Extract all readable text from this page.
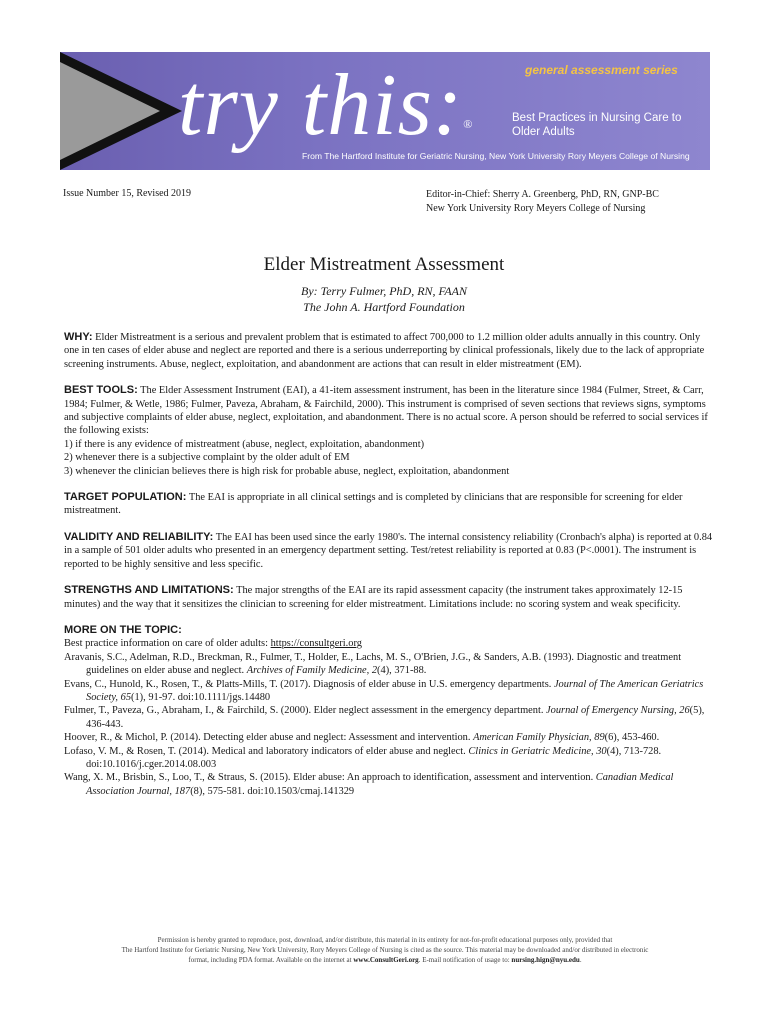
try this:®
general assessment series
Best Practices in Nursing Care to Older Adults
From The Hartford Institute for Geriatric Nursing, New York University Rory Meyers College of Nursing
Issue Number 15, Revised 2019	Editor-in-Chief: Sherry A. Greenberg, PhD, RN, GNP-BC
New York University Rory Meyers College of Nursing
Elder Mistreatment Assessment
By: Terry Fulmer, PhD, RN, FAAN
The John A. Hartford Foundation

WHY: Elder Mistreatment is a serious and prevalent problem that is estimated to affect 700,000 to 1.2 million older adults annually in this country. Only one in ten cases of elder abuse and neglect are reported and there is a serious underreporting by clinical professionals, likely due to the lack of appropriate screening instruments. Abuse, neglect, exploitation, and abandonment are actions that can result in elder mistreatment (EM).

BEST TOOLS: The Elder Assessment Instrument (EAI), a 41-item assessment instrument, has been in the literature since 1984 (Fulmer, Street, & Carr, 1984; Fulmer, & Wetle, 1986; Fulmer, Paveza, Abraham, & Fairchild, 2000). This instrument is comprised of seven sections that reviews signs, symptoms and subjective complaints of elder abuse, neglect, exploitation, and abandonment. There is no actual score. A person should be referred to social services if the following exists:

1) if there is any evidence of mistreatment (abuse, neglect, exploitation, abandonment)
2) whenever there is a subjective complaint by the older adult of EM
3) whenever the clinician believes there is high risk for probable abuse, neglect, exploitation, abandonment

TARGET POPULATION: The EAI is appropriate in all clinical settings and is completed by clinicians that are responsible for screening for elder mistreatment.

VALIDITY AND RELIABILITY: The EAI has been used since the early 1980's. The internal consistency reliability (Cronbach's alpha) is reported at 0.84 in a sample of 501 older adults who presented in an emergency department setting. Test/retest reliability is reported at 0.83 (P<.0001). The instrument is reported to be highly sensitive and less specific.

STRENGTHS AND LIMITATIONS: The major strengths of the EAI are its rapid assessment capacity (the instrument takes approximately 12-15 minutes) and the way that it sensitizes the clinician to screening for elder mistreatment. Limitations include: no scoring system and weak specificity.

MORE ON THE TOPIC:
Best practice information on care of older adults: https://consultgeri.org
Aravanis, S.C., Adelman, R.D., Breckman, R., Fulmer, T., Holder, E., Lachs, M. S., O'Brien, J.G., & Sanders, A.B. (1993). Diagnostic and treatment guidelines on elder abuse and neglect. Archives of Family Medicine, 2(4), 371-88.
Evans, C., Hunold, K., Rosen, T., & Platts-Mills, T. (2017). Diagnosis of elder abuse in U.S. emergency departments. Journal of The American Geriatrics Society, 65(1), 91-97. doi:10.1111/jgs.14480
Fulmer, T., Paveza, G., Abraham, I., & Fairchild, S. (2000). Elder neglect assessment in the emergency department. Journal of Emergency Nursing, 26(5), 436-443.
Hoover, R., & Michol, P. (2014). Detecting elder abuse and neglect: Assessment and intervention. American Family Physician, 89(6), 453-460.
Lofaso, V. M., & Rosen, T. (2014). Medical and laboratory indicators of elder abuse and neglect. Clinics in Geriatric Medicine, 30(4), 713-728. doi:10.1016/j.cger.2014.08.003
Wang, X. M., Brisbin, S., Loo, T., & Straus, S. (2015). Elder abuse: An approach to identification, assessment and intervention. Canadian Medical Association Journal, 187(8), 575-581. doi:10.1503/cmaj.141329
Permission is hereby granted to reproduce, post, download, and/or distribute, this material in its entirety for not-for-profit educational purposes only, provided that
The Hartford Institute for Geriatric Nursing, New York University, Rory Meyers College of Nursing is cited as the source. This material may be downloaded and/or distributed in electronic
format, including PDA format. Available on the internet at www.ConsultGeri.org. E-mail notification of usage to: nursing.hign@nyu.edu.
